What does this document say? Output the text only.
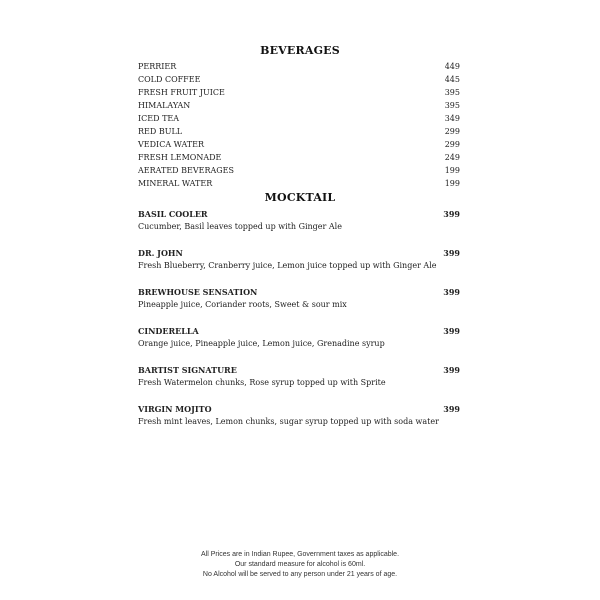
BEVERAGES
PERRIER	449
COLD COFFEE	445
FRESH FRUIT JUICE	395
HIMALAYAN	395
ICED TEA	349
RED BULL	299
VEDICA WATER	299
FRESH LEMONADE	249
AERATED BEVERAGES	199
MINERAL WATER	199
MOCKTAIL
BASIL COOLER	399
Cucumber, Basil leaves topped up with Ginger Ale
DR. JOHN	399
Fresh Blueberry, Cranberry juice, Lemon juice topped up with Ginger Ale
BREWHOUSE SENSATION	399
Pineapple juice, Coriander roots, Sweet & sour mix
CINDERELLA	399
Orange juice, Pineapple juice, Lemon juice, Grenadine syrup
BARTIST SIGNATURE	399
Fresh Watermelon chunks, Rose syrup topped up with Sprite
VIRGIN MOJITO	399
Fresh mint leaves, Lemon chunks, sugar syrup topped up with soda water
All Prices are in Indian Rupee, Government taxes as applicable.
Our standard measure for alcohol is 60ml.
No Alcohol will be served to any person under 21 years of age.
